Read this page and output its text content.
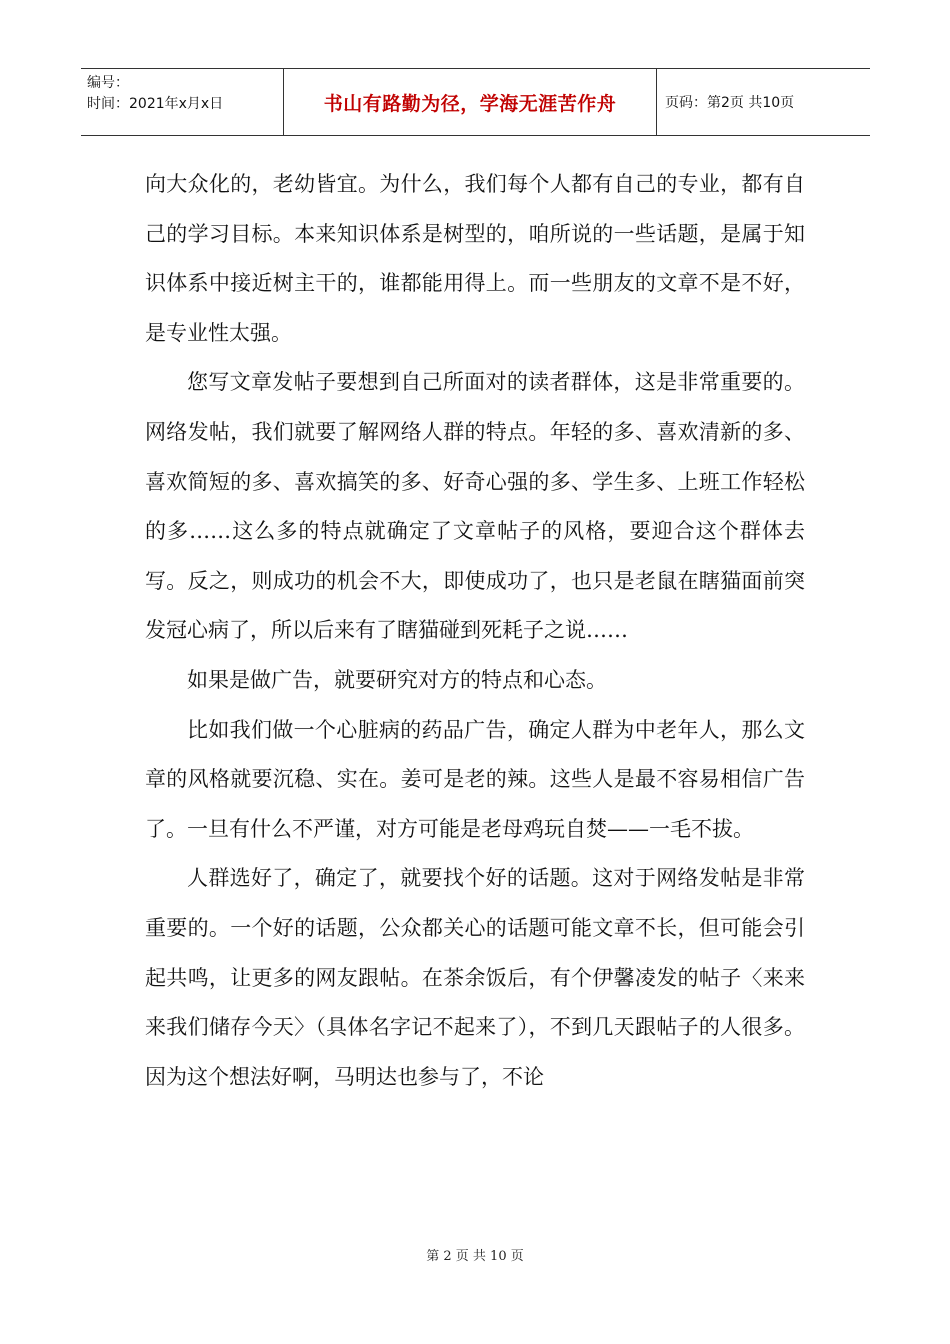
编号：
时间：2021年x月x日	书山有路勤为径，学海无涯苦作舟	页码：第2页 共10页

向大众化的，老幼皆宜。为什么，我们每个人都有自己的专业，都有自己的学习目标。本来知识体系是树型的，咱所说的一些话题，是属于知识体系中接近树主干的，谁都能用得上。而一些朋友的文章不是不好，是专业性太强。

您写文章发帖子要想到自己所面对的读者群体，这是非常重要的。网络发帖，我们就要了解网络人群的特点。年轻的多、喜欢清新的多、喜欢简短的多、喜欢搞笑的多、好奇心强的多、学生多、上班工作轻松的多……这么多的特点就确定了文章帖子的风格，要迎合这个群体去写。反之，则成功的机会不大，即使成功了，也只是老鼠在瞎猫面前突发冠心病了，所以后来有了瞎猫碰到死耗子之说……

如果是做广告，就要研究对方的特点和心态。

比如我们做一个心脏病的药品广告，确定人群为中老年人，那么文章的风格就要沉稳、实在。姜可是老的辣。这些人是最不容易相信广告了。一旦有什么不严谨，对方可能是老母鸡玩自焚——一毛不拔。

人群选好了，确定了，就要找个好的话题。这对于网络发帖是非常重要的。一个好的话题，公众都关心的话题可能文章不长，但可能会引起共鸣，让更多的网友跟帖。在茶余饭后，有个伊馨凌发的帖子〈来来来我们储存今天〉（具体名字记不起来了），不到几天跟帖子的人很多。因为这个想法好啊，马明达也参与了，不论

第 2 页 共 10 页
